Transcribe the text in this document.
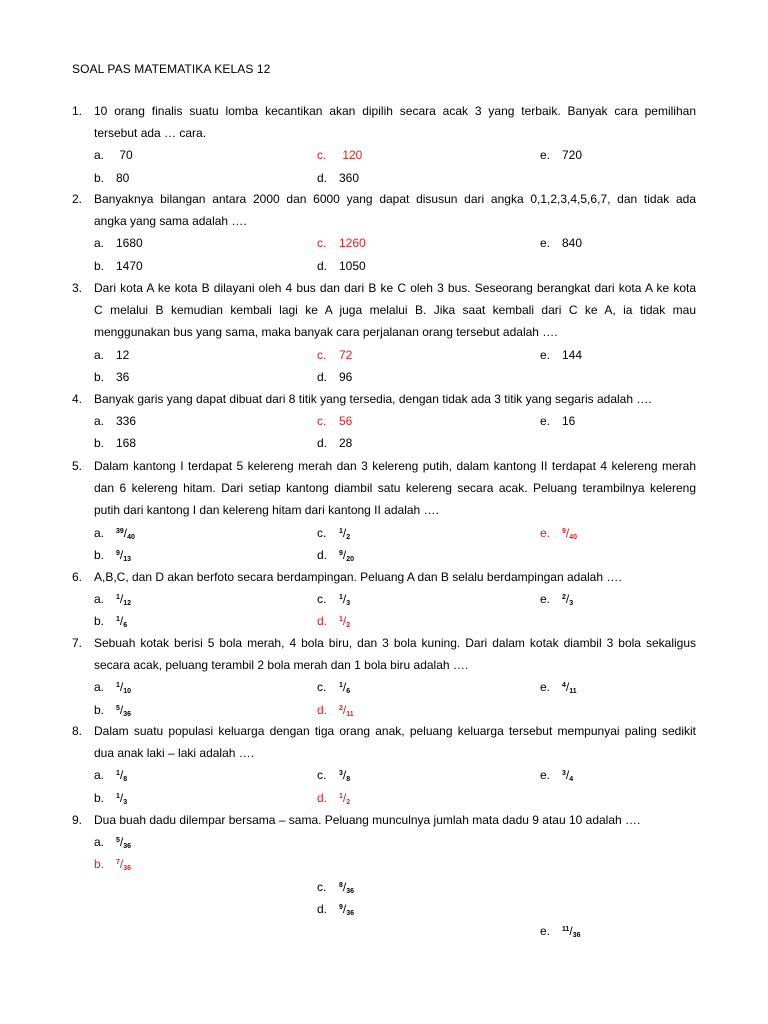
SOAL PAS MATEMATIKA KELAS 12
1. 10 orang finalis suatu lomba kecantikan akan dipilih secara acak 3 yang terbaik. Banyak cara pemilihan
tersebut ada … cara.
a. 70	c. 120	e. 720
b. 80	d. 360
2. Banyaknya bilangan antara 2000 dan 6000 yang dapat disusun dari angka 0,1,2,3,4,5,6,7, dan tidak ada
angka yang sama adalah ….
a. 1680	c. 1260	e. 840
b. 1470	d. 1050
3. Dari kota A ke kota B dilayani oleh 4 bus dan dari B ke C oleh 3 bus. Seseorang berangkat dari kota A ke kota
C melalui B kemudian kembali lagi ke A juga melalui B. Jika saat kembali dari C ke A, ia tidak mau
menggunakan bus yang sama, maka banyak cara perjalanan orang tersebut adalah ….
a. 12	c. 72	e. 144
b. 36	d. 96
4. Banyak garis yang dapat dibuat dari 8 titik yang tersedia, dengan tidak ada 3 titik yang segaris adalah ….
a. 336	c. 56	e. 16
b. 168	d. 28
5. Dalam kantong I terdapat 5 kelereng merah dan 3 kelereng putih, dalam kantong II terdapat 4 kelereng merah
dan 6 kelereng hitam. Dari setiap kantong diambil satu kelereng secara acak. Peluang terambilnya kelereng
putih dari kantong I dan kelereng hitam dari kantong II adalah ….
a. $^{39}/_{40}$	c. $^1/_2$	e. $^9/_{40}$
b. $^9/_{13}$	d. $^9/_{20}$
6. A,B,C, dan D akan berfoto secara berdampingan. Peluang A dan B selalu berdampingan adalah ….
a. $^1/_{12}$	c. $^1/_3$	e. $^2/_3$
b. $^1/_6$	d. $^1/_2$
7. Sebuah kotak berisi 5 bola merah, 4 bola biru, dan 3 bola kuning. Dari dalam kotak diambil 3 bola sekaligus
secara acak, peluang terambil 2 bola merah dan 1 bola biru adalah ….
a. $^1/_{10}$	c. $^1/_6$	e. $^4/_{11}$
b. $^5/_{36}$	d. $^2/_{11}$
8. Dalam suatu populasi keluarga dengan tiga orang anak, peluang keluarga tersebut mempunyai paling sedikit
dua anak laki – laki adalah ….
a. $^1/_8$	c. $^3/_8$	e. $^3/_4$
b. $^1/_3$	d. $^1/_2$
9. Dua buah dadu dilempar bersama – sama. Peluang munculnya jumlah mata dadu 9 atau 10 adalah ….
a. $^5/_{36}$
b. $^7/_{36}$
c. $^8/_{36}$
d. $^9/_{36}$
e. $^{11}/_{36}$
